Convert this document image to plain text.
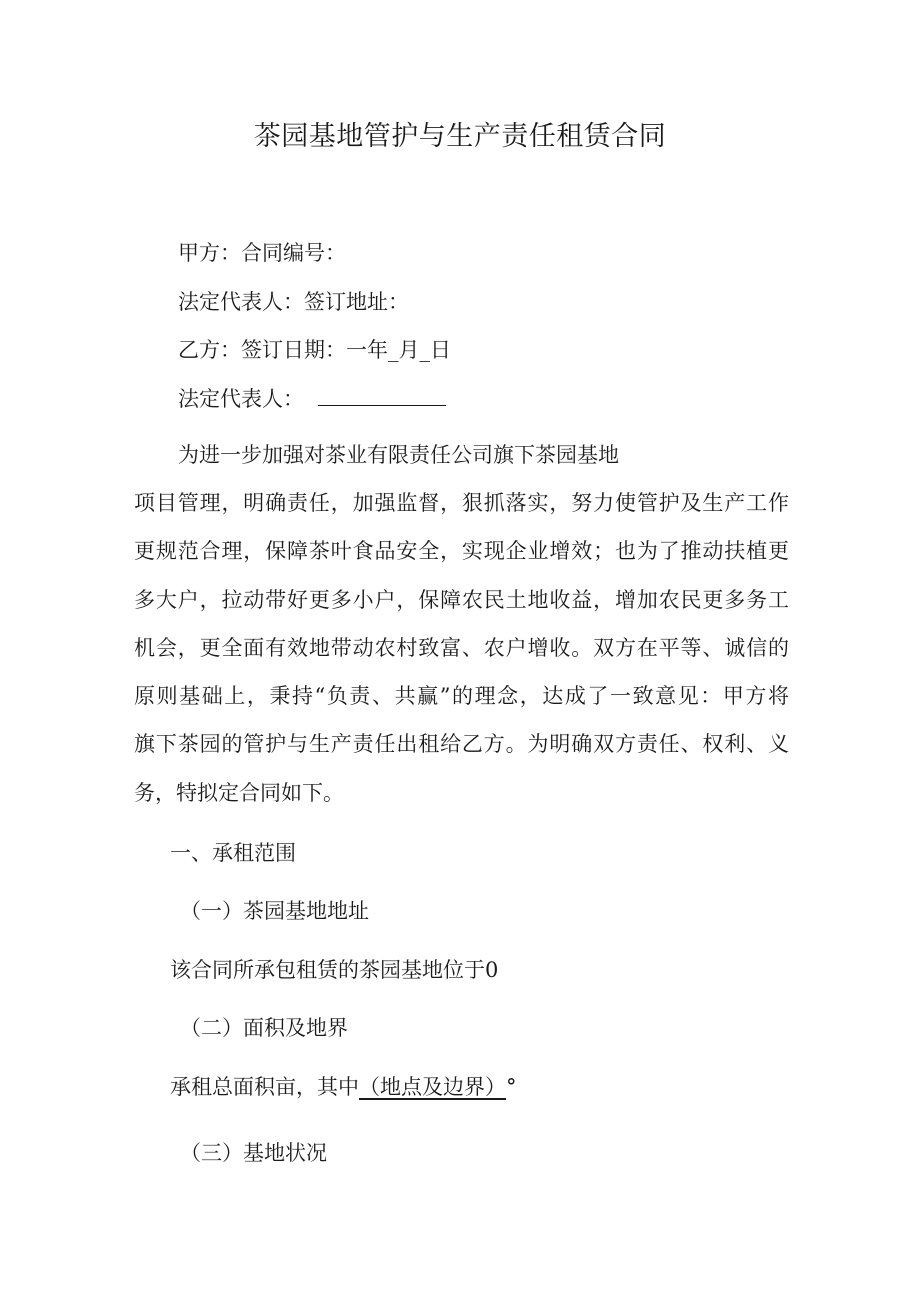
茶园基地管护与生产责任租赁合同
甲方：合同编号：
法定代表人：签订地址：
乙方：签订日期：一年_月_日
法定代表人：
为进一步加强对茶业有限责任公司旗下茶园基地
项目管理，明确责任，加强监督，狠抓落实，努力使管护及生产工作
更规范合理，保障茶叶食品安全，实现企业增效；也为了推动扶植更
多大户，拉动带好更多小户，保障农民土地收益，增加农民更多务工
机会，更全面有效地带动农村致富、农户增收。双方在平等、诚信的
原则基础上，秉持“负责、共赢”的理念，达成了一致意见：甲方将
旗下茶园的管护与生产责任出租给乙方。为明确双方责任、权利、义
务，特拟定合同如下。
一、承租范围
（一）茶园基地地址
该合同所承包租赁的茶园基地位于0
（二）面积及地界
承租总面积亩，其中（地点及边界）°
（三）基地状况
